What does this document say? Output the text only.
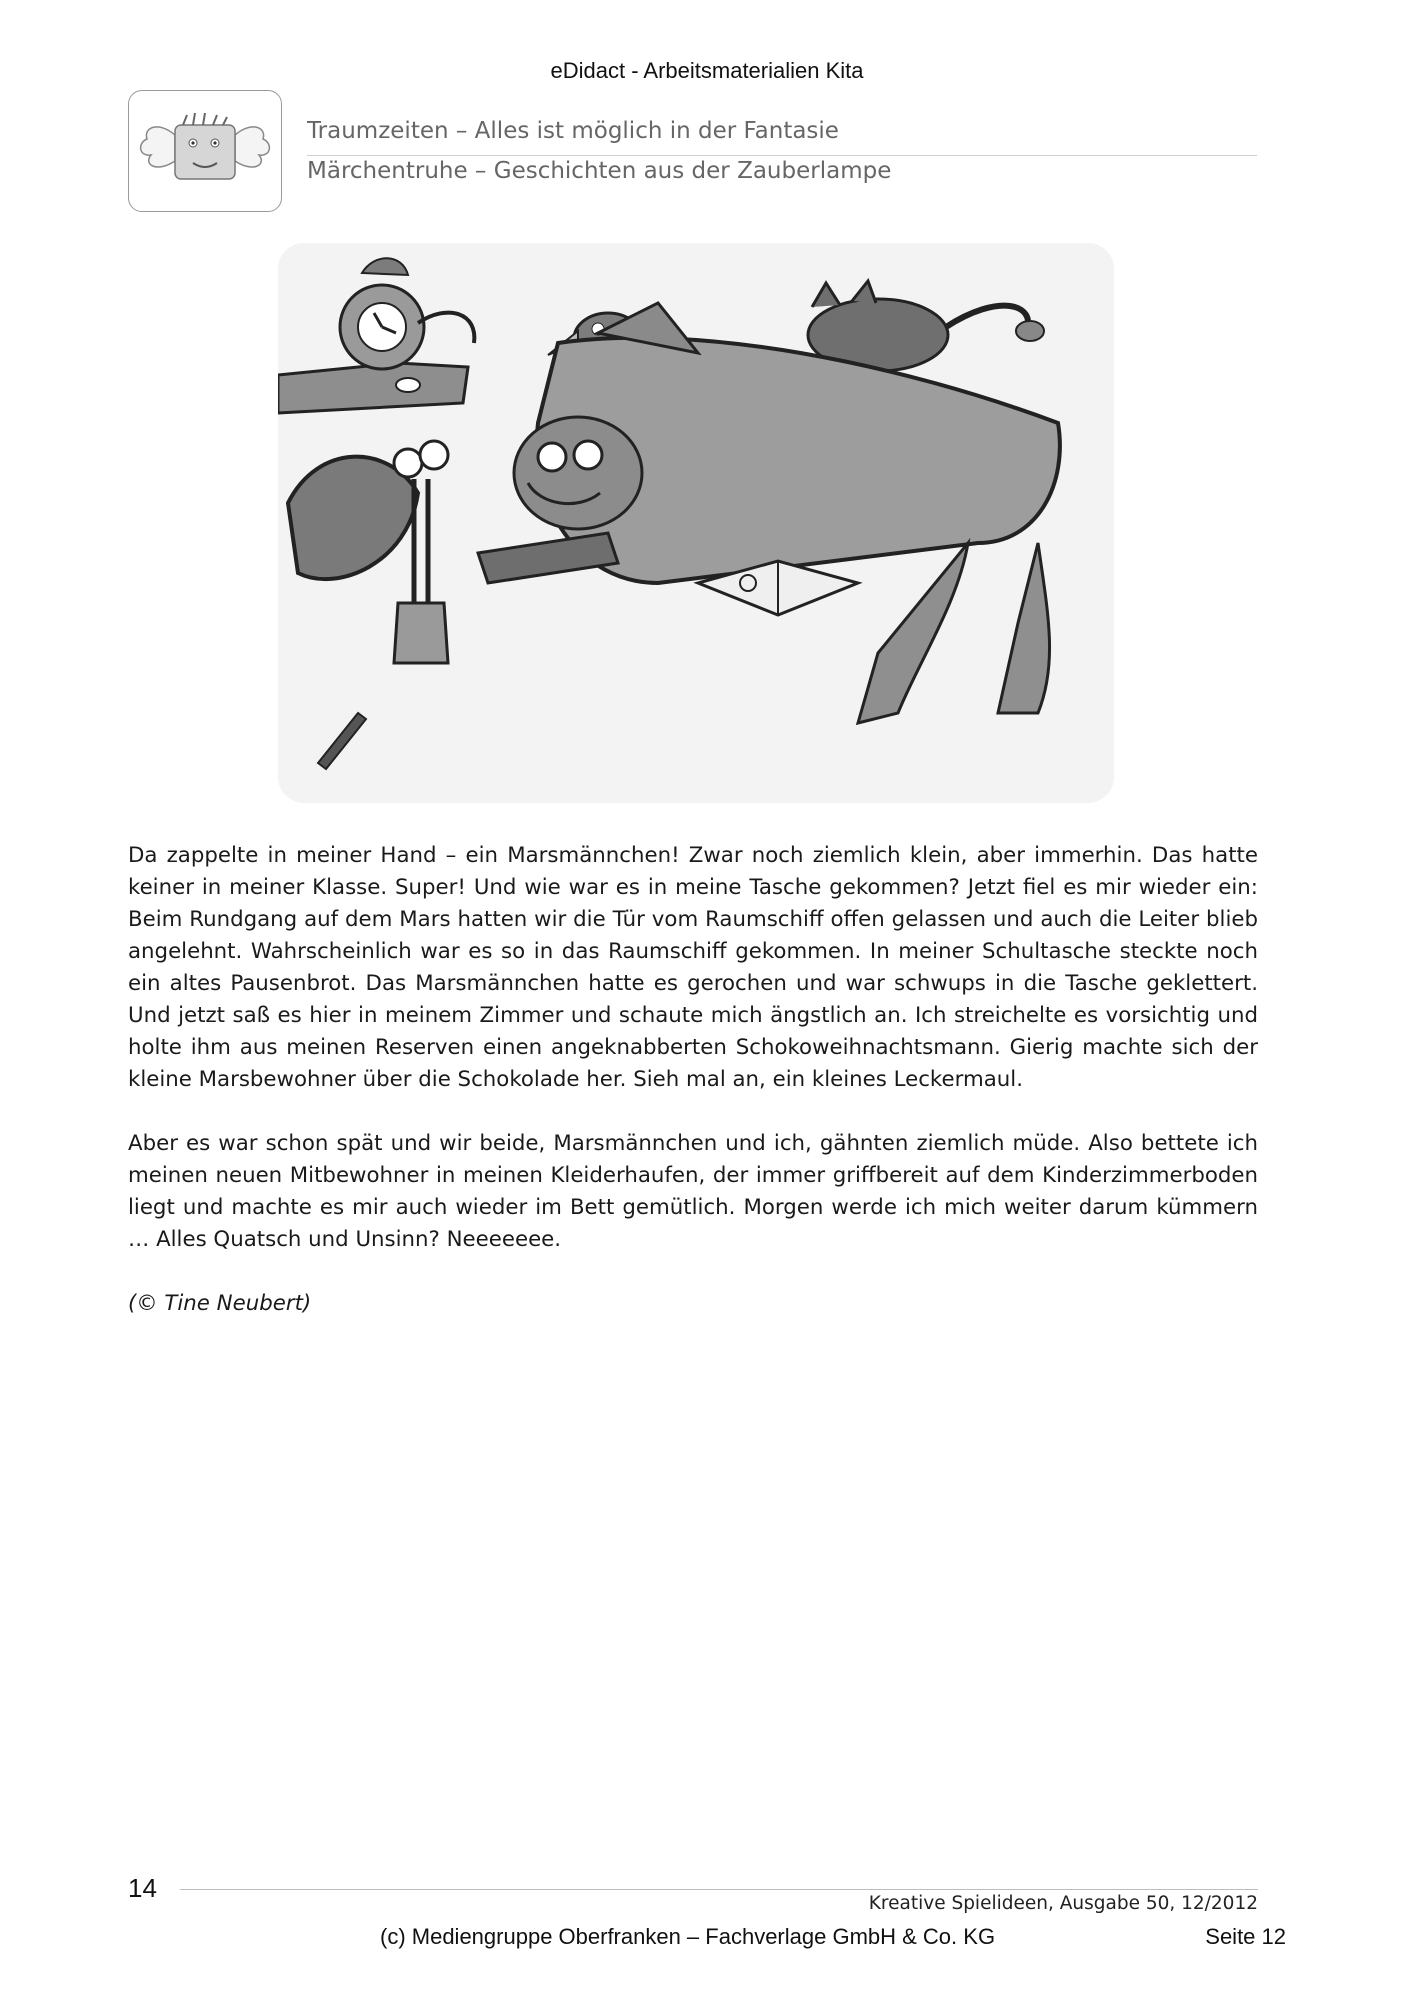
eDidact - Arbeitsmaterialien Kita
Traumzeiten – Alles ist möglich in der Fantasie
Märchentruhe – Geschichten aus der Zauberlampe

Da zappelte in meiner Hand – ein Marsmännchen! Zwar noch ziemlich klein, aber immerhin. Das hatte keiner in meiner Klasse. Super! Und wie war es in meine Tasche gekommen? Jetzt fiel es mir wieder ein: Beim Rundgang auf dem Mars hatten wir die Tür vom Raumschiff offen gelassen und auch die Leiter blieb angelehnt. Wahrscheinlich war es so in das Raumschiff gekommen. In meiner Schultasche steckte noch ein altes Pausenbrot. Das Marsmännchen hatte es gerochen und war schwups in die Tasche geklettert. Und jetzt saß es hier in meinem Zimmer und schaute mich ängstlich an. Ich streichelte es vorsichtig und holte ihm aus meinen Reserven einen angeknabberten Schokoweihnachtsmann. Gierig machte sich der kleine Marsbewohner über die Schokolade her. Sieh mal an, ein kleines Leckermaul.

Aber es war schon spät und wir beide, Marsmännchen und ich, gähnten ziemlich müde. Also bettete ich meinen neuen Mitbewohner in meinen Kleiderhaufen, der immer griffbereit auf dem Kinderzimmerboden liegt und machte es mir auch wieder im Bett gemütlich. Morgen werde ich mich weiter darum kümmern … Alles Quatsch und Unsinn? Neeeeeee.

(© Tine Neubert)

14
Kreative Spielideen, Ausgabe 50, 12/2012
(c) Mediengruppe Oberfranken – Fachverlage GmbH & Co. KG	Seite 12
